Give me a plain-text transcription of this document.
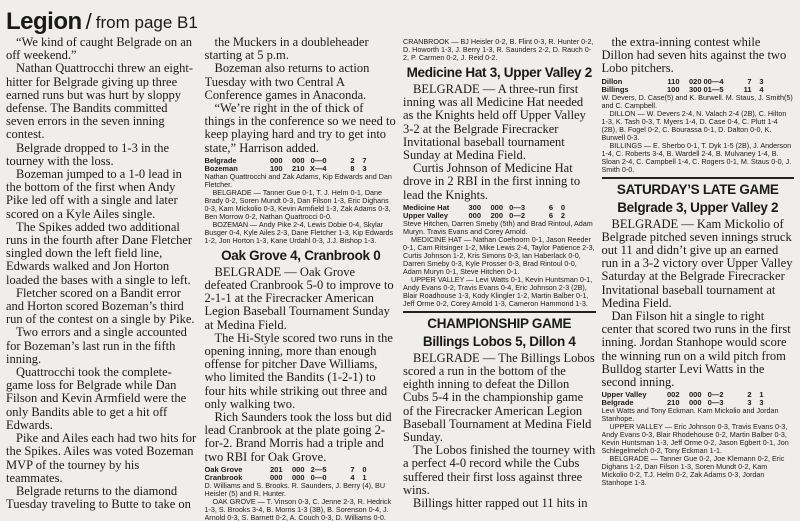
Legion / from page B1

“We kind of caught Belgrade on an off weekend.”

Nathan Quattrocchi threw an eight-hitter for Belgrade giving up three earned runs but was hurt by sloppy defense. The Bandits committed seven errors in the seven inning contest.

Belgrade dropped to 1-3 in the tourney with the loss.

Bozeman jumped to a 1-0 lead in the bottom of the first when Andy Pike led off with a single and later scored on a Kyle Ailes single.

The Spikes added two additional runs in the fourth after Dane Fletcher singled down the left field line, Edwards walked and Jon Horton loaded the bases with a single to left.

Fletcher scored on a Bandit error and Horton scored Bozeman’s third run of the contest on a single by Pike.

Two errors and a single accounted for Bozeman’s last run in the fifth inning.

Quattrocchi took the complete-game loss for Belgrade while Dan Filson and Kevin Armfield were the only Bandits able to get a hit off Edwards.

Pike and Ailes each had two hits for the Spikes. Ailes was voted Bozeman MVP of the tourney by his teammates.

Belgrade returns to the diamond Tuesday traveling to Butte to take on

the Muckers in a doubleheader starting at 5 p.m.

Bozeman also returns to action Tuesday with two Central A Conference games in Anaconda.

“We’re right in the of thick of things in the conference so we need to keep playing hard and try to get into state,” Harrison added.

Belgrade	000	000 0—0	2	7
Bozeman	100	210 X—4	8	3

Nathan Quattrocchi and Zak Adams, Kip Edwards and Dan Fletcher.

BELGRADE — Tanner Gue 0-1, T. J. Helm 0-1, Dane Brady 0-2, Soren Mundt 0-3, Dan Filson 1-3, Eric Dighans 0-3, Kam Mickolio 0-3, Kevin Armfield 1-3, Zak Adams 0-3, Ben Morrow 0-2, Nathan Quattrocci 0-0.

BOZEMAN — Andy Pike 2-4, Lewis Dobie 0-4, Skylar Busger 0-4, Kyle Ailes 2-3, Dane Fletcher 1-3, Kip Edwards 1-2, Jon Horton 1-3, Kane Urdahl 0-3, J.J. Bishop 1-3.

Oak Grove 4, Cranbrook 0

BELGRADE — Oak Grove defeated Cranbrook 5-0 to improve to 2-1-1 at the Firecracker American Legion Baseball Tournament Sunday at Medina Field.

The Hi-Style scored two runs in the opening inning, more than enough offense for pitcher Dave Williams, who limited the Bandits (1-2-1) to four hits while striking out three and only walking two.

Rich Saunders took the loss but did lead Cranbrook at the plate going 2-for-2. Brand Morris had a triple and two RBI for Oak Grove.

Oak Grove	201	000 2—5	7	0
Cranbrook	000	000 0—0	4	1

D. Williams and S. Brooks. R. Saunders, J. Berry (4), BU Heisler (5) and R. Hunter.

OAK GROVE — T. Vinson 0-3, C. Jenne 2-3, R. Hedrick 1-3, S. Brooks 3-4, B. Morris 1-3 (3B), B. Sorenson 0-4, J. Arnold 0-3, S. Barnett 0-2, A. Couch 0-3, D. Williams 0-0.

CRANBROOK — BJ Heisler 0-2, B. Flint 0-3, R. Hunter 0-2, D. Howorth 1-3, J. Berry 1-3, R. Saunders 2-2, D. Rauch 0-2, P. Carmen 0-2, J. Reid 0-2.

Medicine Hat 3, Upper Valley 2

BELGRADE — A three-run first inning was all Medicine Hat needed as the Knights held off Upper Valley 3-2 at the Belgrade Firecracker Invitational baseball tournament Sunday at Medina Field.

Curtis Johnson of Medicine Hat drove in 2 RBI in the first inning to lead the Knights.

Medicine Hat	300	000 0—3	6	0
Upper Valley	000	200 0—2	6	2

Steve Hitchen, Darren Smeby (5th) and Brad Rintoul, Adam Muryn. Travis Evans and Corey Arnold.

MEDICINE HAT — Nathan Coehoorn 0-1, Jason Reeder 0-1, Cam Ritsinger 1-2, Mike Lewis 2-4, Taylor Patience 2-3, Curtis Johnson 1-2, Kris Simons 0-3, Ian Haberlack 0-0, Darren Smeby 0-3, Kyle Prosser 0-3, Brad Rintoul 0-0, Adam Muryn 0-1, Steve Hitchen 0-1.

UPPER VALLEY — Levi Watts 0-1, Kevin Huntsman 0-1, Andy Evans 0-2, Travis Evans 0-4, Eric Johnson 2-3 (2B), Blair Roadhouse 1-3, Kody Klingler 1-2, Martin Balber 0-1, Jeff Orme 0-2, Corey Arnold 1-3, Cameron Hammond 1-3.

CHAMPIONSHIP GAME
Billings Lobos 5, Dillon 4

BELGRADE — The Billings Lobos scored a run in the bottom of the eighth inning to defeat the Dillon Cubs 5-4 in the championship game of the Firecracker American Legion Baseball Tournament at Medina Field Sunday.

The Lobos finished the tourney with a perfect 4-0 record while the Cubs suffered their first loss against three wins.

Billings hitter rapped out 11 hits in

the extra-inning contest while Dillon had seven hits against the two Lobo pitchers.

Dillon	110	020 00—4	7	3
Billings	100	300 01—5	11	4

W. Devers, D. Case(5) and K. Burwell. M. Staus, J. Smith(5) and C. Campbell.

DILLON — W. Devers 2-4, N. Valach 2-4 (2B), C. Hilton 1-3, K. Tash 0-3, T. Myers 1-4, D. Case 0-4, C. Plutt 1-4 (2B), B. Fogel 0-2, C. Bourassa 0-1, D. Dalton 0-0, K. Burwell 0-3.

BILLINGS — E. Sherbo 0-1, T. Dyk 1-5 (2B), J. Anderson 1-4, C. Roberts 3-4, B. Wardell 2-4, B. Mulvaney 1-4, B. Sloan 2-4, C. Campbell 1-4, C. Rogers 0-1, M. Staus 0-0, J. Smith 0-0.

SATURDAY’S LATE GAME
Belgrade 3, Upper Valley 2

BELGRADE — Kam Mickolio of Belgrade pitched seven innings struck out 11 and didn’t give up an earned run in a 3-2 victory over Upper Valley Saturday at the Belgrade Firecracker Invitational baseball tournament at Medina Field.

Dan Filson hit a single to right center that scored two runs in the first inning. Jordan Stanhope would score the winning run on a wild pitch from Bulldog starter Levi Watts in the second inning.

Upper Valley	002	000 0—2	2	1
Belgrade	210	000 0—3	3	3

Levi Watts and Tony Eckman. Kam Mickolio and Jordan Stanhope.

UPPER VALLEY — Eric Johnson 0-3, Travis Evans 0-3, Andy Evans 0-3, Blair Rhodehouse 0-2, Martin Balber 0-3, Kevin Huntsman 1-3, Jeff Orme 0-2, Jason Egbert 0-1, Jon Schlegelmelch 0-2, Tony Eckman 1-1.

BELGRADE — Tanner Gue 0-2, Joe Klemann 0-2, Eric Dighans 1-2, Dan Filson 1-3, Soren Mundt 0-2, Kam Mickolio 0-2, T.J. Helm 0-2, Zak Adams 0-3, Jordan Stanhope 1-3.
